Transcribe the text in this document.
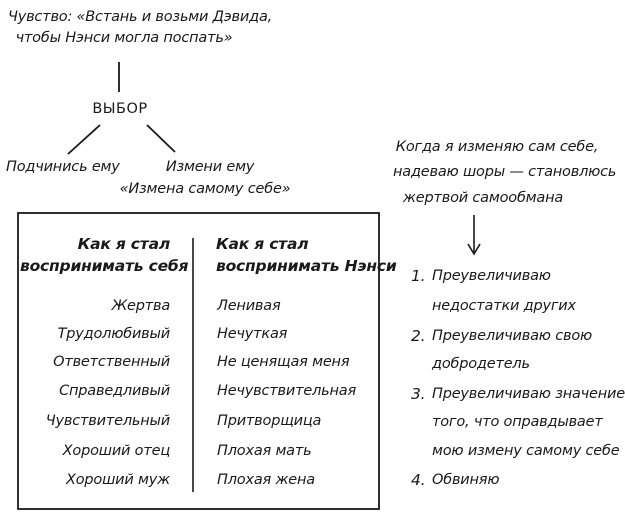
Чувство: «Встань и возьми Дэвида,
чтобы Нэнси могла поспать»
ВЫБОР
Подчинись ему	Измени ему
«Измена самому себе»
Как я стал
воспринимать себя
Как я стал
воспринимать Нэнси
Жертва	Ленивая
Трудолюбивый	Нечуткая
Ответственный	Не ценящая меня
Справедливый	Нечувствительная
Чувствительный	Притворщица
Хороший отец	Плохая мать
Хороший муж	Плохая жена
Когда я изменяю сам себе,
надеваю шоры — становлюсь
жертвой самообмана
1. Преувеличиваю
недостатки других
2. Преувеличиваю свою
добродетель
3. Преувеличиваю значение
того, что оправдывает
мою измену самому себе
4. Обвиняю
